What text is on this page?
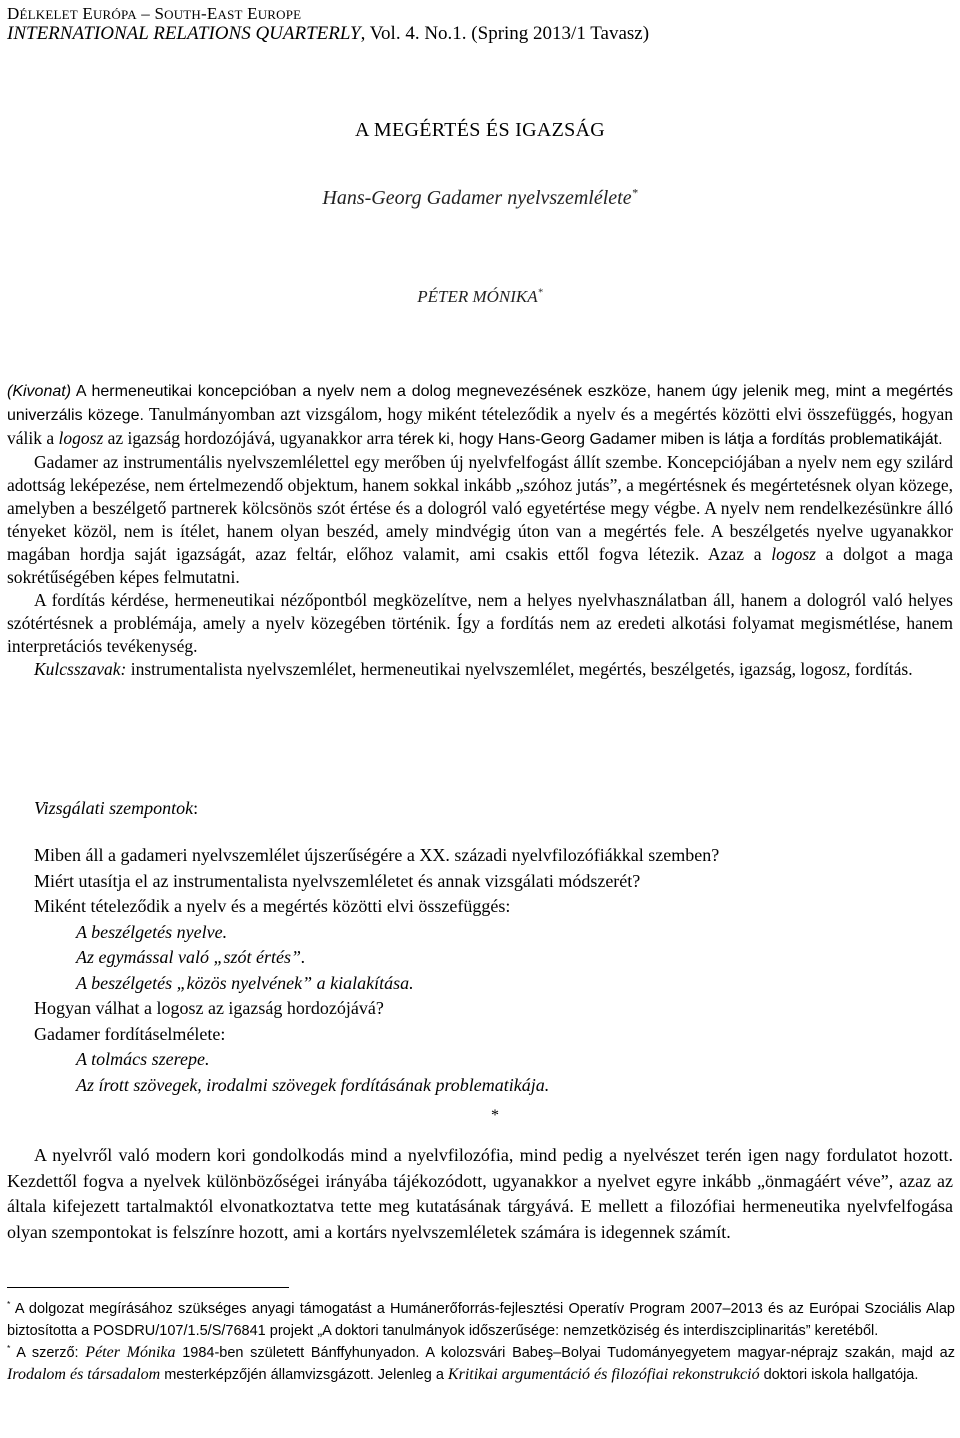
DÉLKELET EURÓPA – SOUTH-EAST EUROPE
INTERNATIONAL RELATIONS QUARTERLY, Vol. 4. No.1. (Spring 2013/1 Tavasz)
A MEGÉRTÉS ÉS IGAZSÁG
Hans-Georg Gadamer nyelvszemlélete*
PÉTER MÓNIKA*

(Kivonat) A hermeneutikai koncepcióban a nyelv nem a dolog megnevezésének eszköze, hanem úgy jelenik meg, mint a megértés univerzális közege. Tanulmányomban azt vizsgálom, hogy miként tételeződik a nyelv és a megértés közötti elvi összefüggés, hogyan válik a logosz az igazság hordozójává, ugyanakkor arra térek ki, hogy Hans-Georg Gadamer miben is látja a fordítás problematikáját.

Gadamer az instrumentális nyelvszemlélettel egy merőben új nyelvfelfogást állít szembe. Koncepciójában a nyelv nem egy szilárd adottság leképezése, nem értelmezendő objektum, hanem sokkal inkább „szóhoz jutás”, a megértésnek és megértetésnek olyan közege, amelyben a beszélgető partnerek kölcsönös szót értése és a dologról való egyetértése megy végbe. A nyelv nem rendelkezésünkre álló tényeket közöl, nem is ítélet, hanem olyan beszéd, amely mindvégig úton van a megértés fele. A beszélgetés nyelve ugyanakkor magában hordja saját igazságát, azaz feltár, előhoz valamit, ami csakis ettől fogva létezik. Azaz a logosz a dolgot a maga sokrétűségében képes felmutatni.

A fordítás kérdése, hermeneutikai nézőpontból megközelítve, nem a helyes nyelvhasználatban áll, hanem a dologról való helyes szótértésnek a problémája, amely a nyelv közegében történik. Így a fordítás nem az eredeti alkotási folyamat megismétlése, hanem interpretációs tevékenység.

Kulcsszavak: instrumentalista nyelvszemlélet, hermeneutikai nyelvszemlélet, megértés, beszélgetés, igazság, logosz, fordítás.

Vizsgálati szempontok:
Miben áll a gadameri nyelvszemlélet újszerűségére a XX. századi nyelvfilozófiákkal szemben?
Miért utasítja el az instrumentalista nyelvszemléletet és annak vizsgálati módszerét?
Miként tételeződik a nyelv és a megértés közötti elvi összefüggés:
A beszélgetés nyelve.
Az egymással való „szót értés”.
A beszélgetés „közös nyelvének” a kialakítása.
Hogyan válhat a logosz az igazság hordozójává?
Gadamer fordításelmélete:
A tolmács szerepe.
Az írott szövegek, irodalmi szövegek fordításának problematikája.
*

A nyelvről való modern kori gondolkodás mind a nyelvfilozófia, mind pedig a nyelvészet terén igen nagy fordulatot hozott. Kezdettől fogva a nyelvek különbözőségei irányába tájékozódott, ugyanakkor a nyelvet egyre inkább „önmagáért véve”, azaz az általa kifejezett tartalmaktól elvonatkoztatva tette meg kutatásának tárgyává. E mellett a filozófiai hermeneutika nyelvfelfogása olyan szempontokat is felszínre hozott, ami a kortárs nyelvszemléletek számára is idegennek számít.

* A dolgozat megírásához szükséges anyagi támogatást a Humánerőforrás-fejlesztési Operatív Program 2007–2013 és az Európai Szociális Alap biztosította a POSDRU/107/1.5/S/76841 projekt „A doktori tanulmányok időszerűsége: nemzetköziség és interdiszciplinaritás” keretéből.

* A szerző: Péter Mónika 1984-ben született Bánffyhunyadon. A kolozsvári Babeş–Bolyai Tudományegyetem magyar-néprajz szakán, majd az Irodalom és társadalom mesterképzőjén államvizsgázott. Jelenleg a Kritikai argumentáció és filozófiai rekonstrukció doktori iskola hallgatója.
